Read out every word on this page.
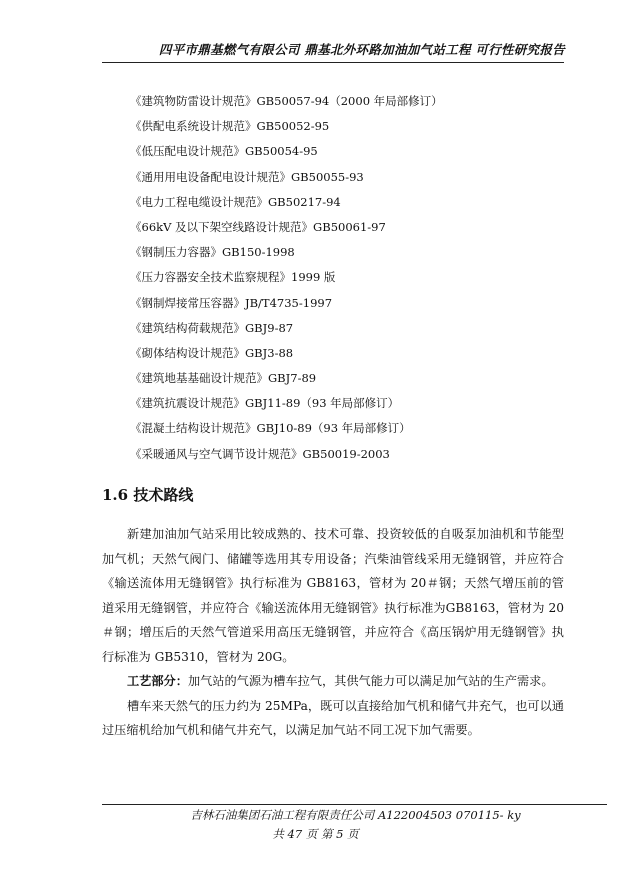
四平市鼎基燃气有限公司 鼎基北外环路加油加气站工程 可行性研究报告
《建筑物防雷设计规范》GB50057-94（2000 年局部修订）
《供配电系统设计规范》GB50052-95
《低压配电设计规范》GB50054-95
《通用用电设备配电设计规范》GB50055-93
《电力工程电缆设计规范》GB50217-94
《66kV 及以下架空线路设计规范》GB50061-97
《钢制压力容器》GB150-1998
《压力容器安全技术监察规程》1999 版
《钢制焊接常压容器》JB/T4735-1997
《建筑结构荷载规范》GBJ9-87
《砌体结构设计规范》GBJ3-88
《建筑地基基础设计规范》GBJ7-89
《建筑抗震设计规范》GBJ11-89（93 年局部修订）
《混凝土结构设计规范》GBJ10-89（93 年局部修订）
《采暖通风与空气调节设计规范》GB50019-2003
1.6 技术路线

新建加油加气站采用比较成熟的、技术可靠、投资较低的自吸泵加油机和节能型加气机；天然气阀门、储罐等选用其专用设备；汽柴油管线采用无缝钢管，并应符合《输送流体用无缝钢管》执行标准为 GB8163，管材为 20＃钢；天然气增压前的管道采用无缝钢管，并应符合《输送流体用无缝钢管》执行标准为GB8163，管材为 20＃钢；增压后的天然气管道采用高压无缝钢管，并应符合《高压锅炉用无缝钢管》执行标准为 GB5310，管材为 20G。

工艺部分：加气站的气源为槽车拉气，其供气能力可以满足加气站的生产需求。

槽车来天然气的压力约为 25MPa，既可以直接给加气机和储气井充气，也可以通过压缩机给加气机和储气井充气，以满足加气站不同工况下加气需要。

吉林石油集团石油工程有限责任公司 A122004503 070115- ky
共 47 页 第 5 页
